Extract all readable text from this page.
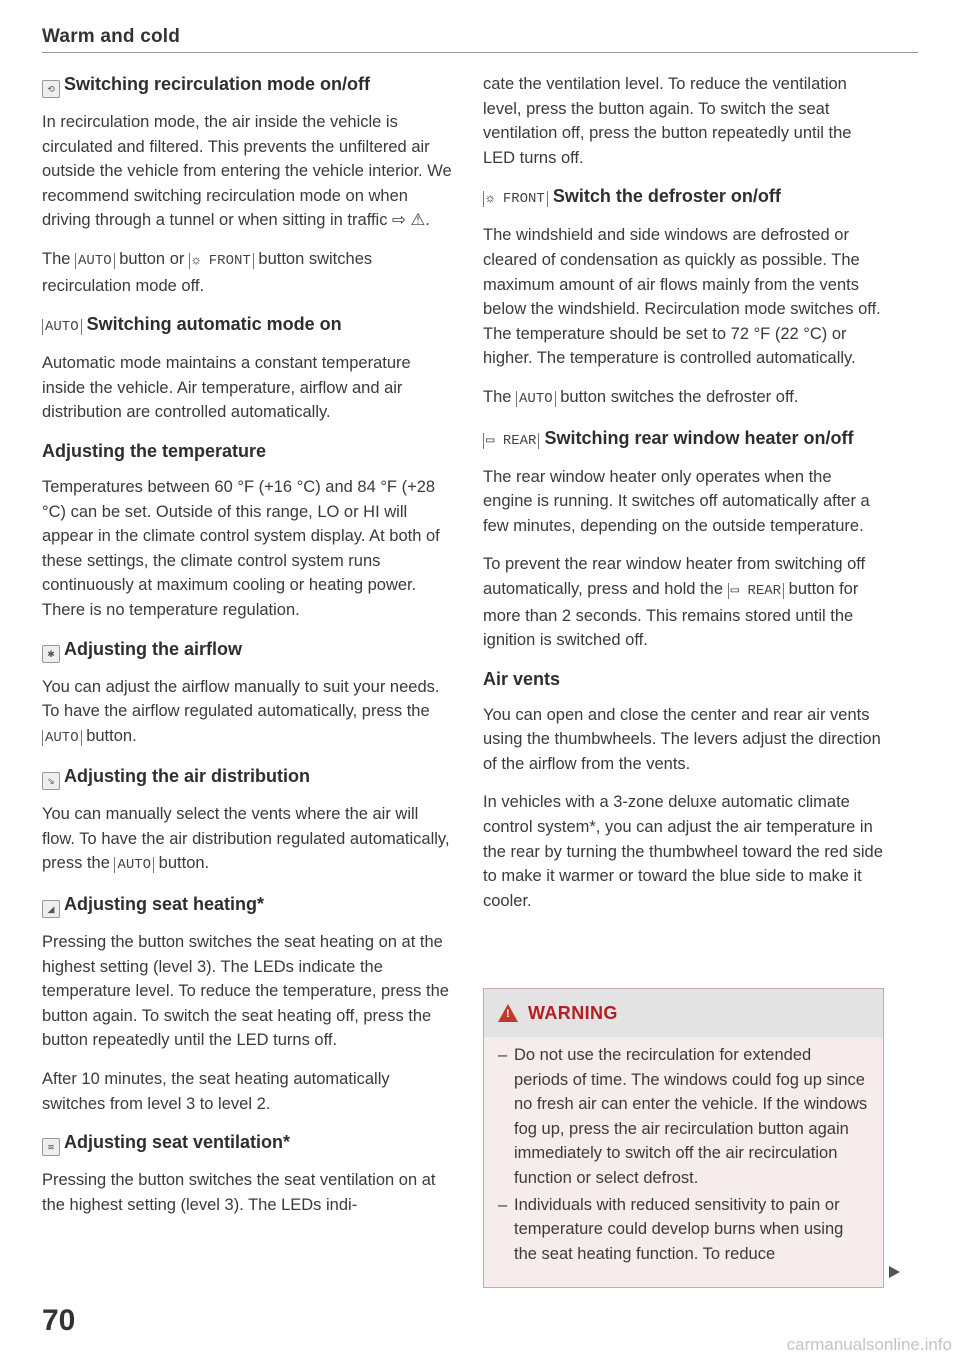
Warm and cold
⟲ Switching recirculation mode on/off

In recirculation mode, the air inside the vehicle is circulated and filtered. This prevents the unfiltered air outside the vehicle from entering the vehicle interior. We recommend switching recirculation mode on when driving through a tunnel or when sitting in traffic ⇨ ⚠.

The AUTO button or ☼ FRONT button switches recirculation mode off.

AUTO Switching automatic mode on

Automatic mode maintains a constant temperature inside the vehicle. Air temperature, airflow and air distribution are controlled automatically.

Adjusting the temperature

Temperatures between 60 °F (+16 °C) and 84 °F (+28 °C) can be set. Outside of this range, LO or HI will appear in the climate control system display. At both of these settings, the climate control system runs continuously at maximum cooling or heating power. There is no temperature regulation.

✱ Adjusting the airflow

You can adjust the airflow manually to suit your needs. To have the airflow regulated automatically, press the AUTO button.

⇘ Adjusting the air distribution

You can manually select the vents where the air will flow. To have the air distribution regulated automatically, press the AUTO button.

◢ Adjusting seat heating*

Pressing the button switches the seat heating on at the highest setting (level 3). The LEDs indicate the temperature level. To reduce the temperature, press the button again. To switch the seat heating off, press the button repeatedly until the LED turns off.

After 10 minutes, the seat heating automatically switches from level 3 to level 2.

≋ Adjusting seat ventilation*

Pressing the button switches the seat ventilation on at the highest setting (level 3). The LEDs indi-

cate the ventilation level. To reduce the ventilation level, press the button again. To switch the seat ventilation off, press the button repeatedly until the LED turns off.

☼ FRONT Switch the defroster on/off

The windshield and side windows are defrosted or cleared of condensation as quickly as possible. The maximum amount of air flows mainly from the vents below the windshield. Recirculation mode switches off. The temperature should be set to 72 °F (22 °C) or higher. The temperature is controlled automatically.

The AUTO button switches the defroster off.

▭ REAR Switching rear window heater on/off

The rear window heater only operates when the engine is running. It switches off automatically after a few minutes, depending on the outside temperature.

To prevent the rear window heater from switching off automatically, press and hold the ▭ REAR button for more than 2 seconds. This remains stored until the ignition is switched off.

Air vents

You can open and close the center and rear air vents using the thumbwheels. The levers adjust the direction of the airflow from the vents.

In vehicles with a 3-zone deluxe automatic climate control system*, you can adjust the air temperature in the rear by turning the thumbwheel toward the red side to make it warmer or toward the blue side to make it cooler.

! WARNING
– Do not use the recirculation for extended periods of time. The windows could fog up since no fresh air can enter the vehicle. If the windows fog up, press the air recirculation button again immediately to switch off the air recirculation function or select defrost.
– Individuals with reduced sensitivity to pain or temperature could develop burns when using the seat heating function. To reduce
70
carmanualsonline.info
